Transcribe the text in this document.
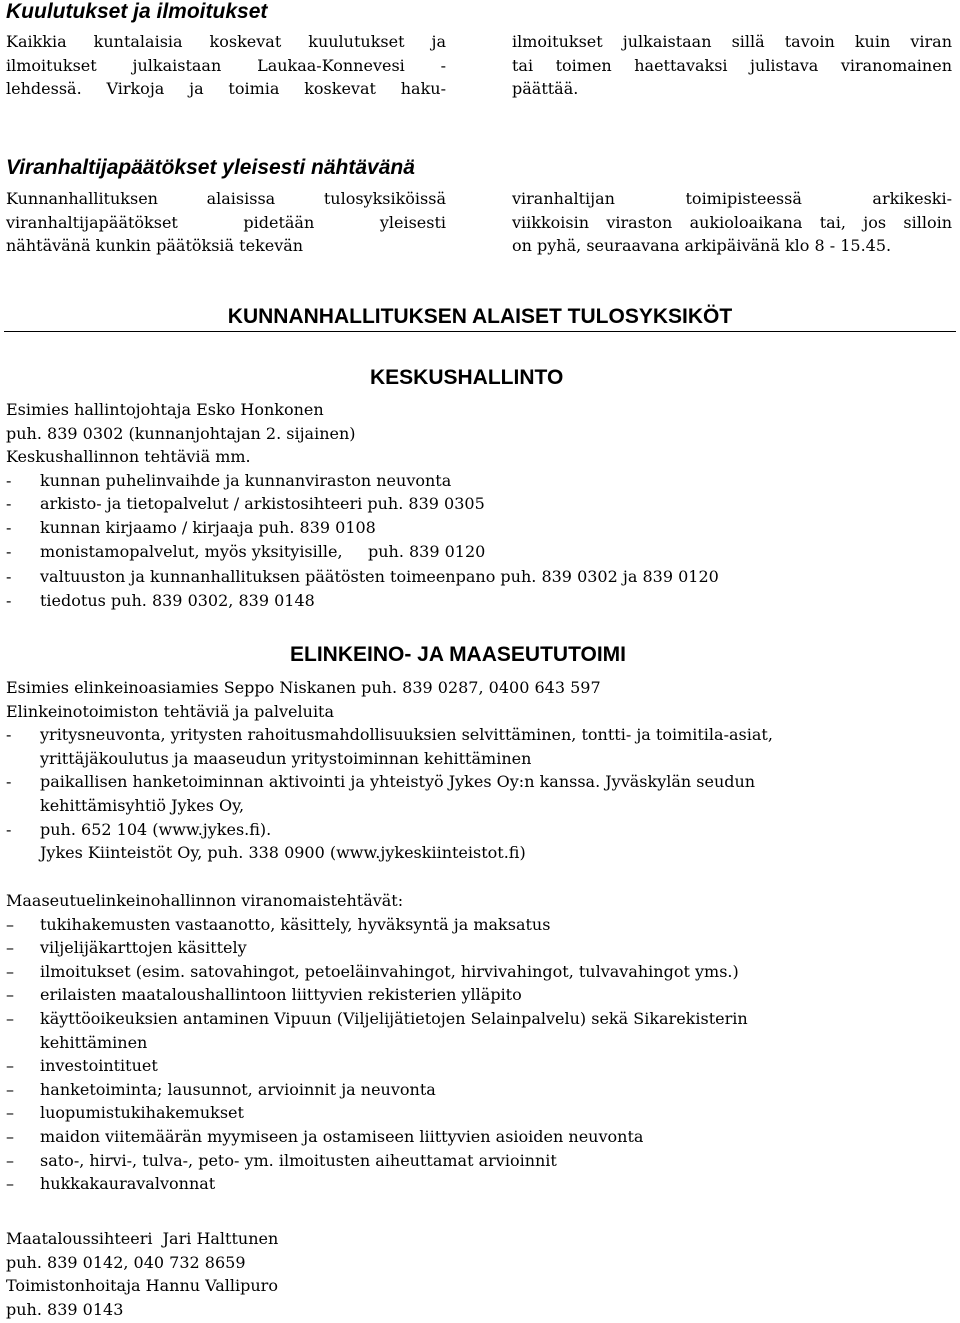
Kuulutukset ja ilmoitukset
Kaikkia kuntalaisia koskevat kuulutukset ja
ilmoitukset julkaistaan Laukaa-Konnevesi -
lehdessä. Virkoja ja toimia koskevat haku-
ilmoitukset julkaistaan sillä tavoin kuin viran
tai toimen haettavaksi julistava viranomainen
päättää.
Viranhaltijapäätökset yleisesti nähtävänä
Kunnanhallituksen alaisissa tulosyksiköissä
viranhaltijapäätökset pidetään yleisesti
nähtävänä kunkin päätöksiä tekevän
viranhaltijan toimipisteessä arkikeski-
viikkoisin viraston aukioloaikana tai, jos silloin
on pyhä, seuraavana arkipäivänä klo 8 - 15.45.
KUNNANHALLITUKSEN ALAISET TULOSYKSIKÖT
KESKUSHALLINTO
Esimies hallintojohtaja Esko Honkonen
puh. 839 0302 (kunnanjohtajan 2. sijainen)
Keskushallinnon tehtäviä mm.
-	kunnan puhelinvaihde ja kunnanviraston neuvonta
-	arkisto- ja tietopalvelut / arkistosihteeri puh. 839 0305
-	kunnan kirjaamo / kirjaaja puh. 839 0108
-	monistamopalvelut, myös yksityisille,     puh. 839 0120
-	valtuuston ja kunnanhallituksen päätösten toimeenpano puh. 839 0302 ja 839 0120
-	tiedotus puh. 839 0302, 839 0148
ELINKEINO- JA MAASEUTUTOIMI
Esimies elinkeinoasiamies Seppo Niskanen puh. 839 0287, 0400 643 597
Elinkeinotoimiston tehtäviä ja palveluita
-	yritysneuvonta, yritysten rahoitusmahdollisuuksien selvittäminen, tontti- ja toimitila-asiat,
yrittäjäkoulutus ja maaseudun yritystoiminnan kehittäminen
-	paikallisen hanketoiminnan aktivointi ja yhteistyö Jykes Oy:n kanssa. Jyväskylän seudun
kehittämisyhtiö Jykes Oy,
-	puh. 652 104 (www.jykes.fi).
Jykes Kiinteistöt Oy, puh. 338 0900 (www.jykeskiinteistot.fi)
Maaseutuelinkeinohallinnon viranomaistehtävät:
–	tukihakemusten vastaanotto, käsittely, hyväksyntä ja maksatus
–	viljelijäkarttojen käsittely
–	ilmoitukset (esim. satovahingot, petoeläinvahingot, hirvivahingot, tulvavahingot yms.)
–	erilaisten maataloushallintoon liittyvien rekisterien ylläpito
–	käyttöoikeuksien antaminen Vipuun (Viljelijätietojen Selainpalvelu) sekä Sikarekisterin
kehittäminen
–	investointituet
–	hanketoiminta; lausunnot, arvioinnit ja neuvonta
–	luopumistukihakemukset
–	maidon viitemäärän myymiseen ja ostamiseen liittyvien asioiden neuvonta
–	sato-, hirvi-, tulva-, peto- ym. ilmoitusten aiheuttamat arvioinnit
–	hukkakauravalvonnat
Maataloussihteeri  Jari Halttunen
puh. 839 0142, 040 732 8659
Toimistonhoitaja Hannu Vallipuro
puh. 839 0143
